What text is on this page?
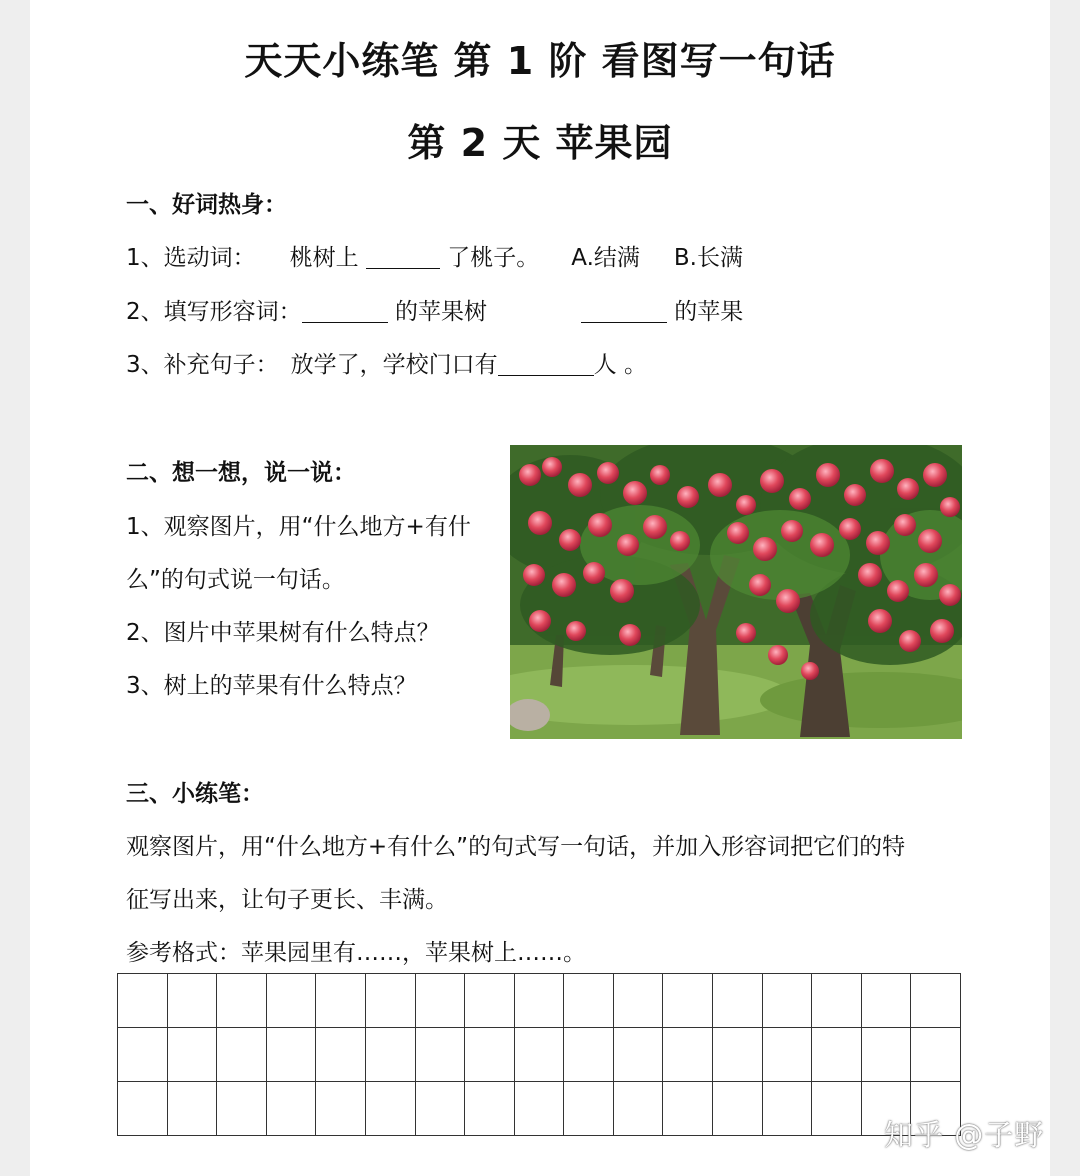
天天小练笔 第 1 阶 看图写一句话
第 2 天 苹果园
一、好词热身：
1、选动词： 桃树上	了桃子。 A.结满 B.长满
2、填写形容词：	的苹果树	的苹果
3、补充句子： 放学了，学校门口有	人 。
二、想一想，说一说：
1、观察图片，用“什么地方+有什
么”的句式说一句话。
2、图片中苹果树有什么特点？
3、树上的苹果有什么特点？
三、小练笔：
观察图片，用“什么地方+有什么”的句式写一句话，并加入形容词把它们的特
征写出来，让句子更长、丰满。
参考格式：苹果园里有……，苹果树上……。
知乎 @子野
